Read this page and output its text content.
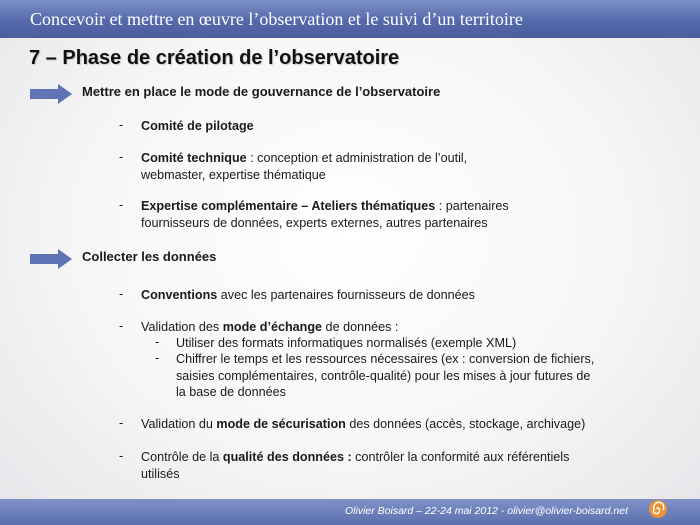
Concevoir et mettre en œuvre l’observation et le suivi d’un territoire
7 – Phase de création de l’observatoire
Mettre en place le mode de gouvernance de l’observatoire
- Comité de pilotage
- Comité technique : conception et administration de l’outil,
webmaster, expertise thématique
- Expertise complémentaire – Ateliers thématiques : partenaires
fournisseurs de données, experts externes, autres partenaires
Collecter les données
- Conventions avec les partenaires fournisseurs de données
- Validation des mode d’échange de données :
- Utiliser des formats informatiques normalisés (exemple XML)
- Chiffrer le temps et les ressources nécessaires (ex : conversion de fichiers,
saisies complémentaires, contrôle-qualité) pour les mises à jour futures de
la base de données
- Validation du mode de sécurisation des données (accès, stockage, archivage)
- Contrôle de la qualité des données : contrôler la conformité aux référentiels
utilisés
Olivier Boisard – 22-24 mai 2012 - olivier@olivier-boisard.net
